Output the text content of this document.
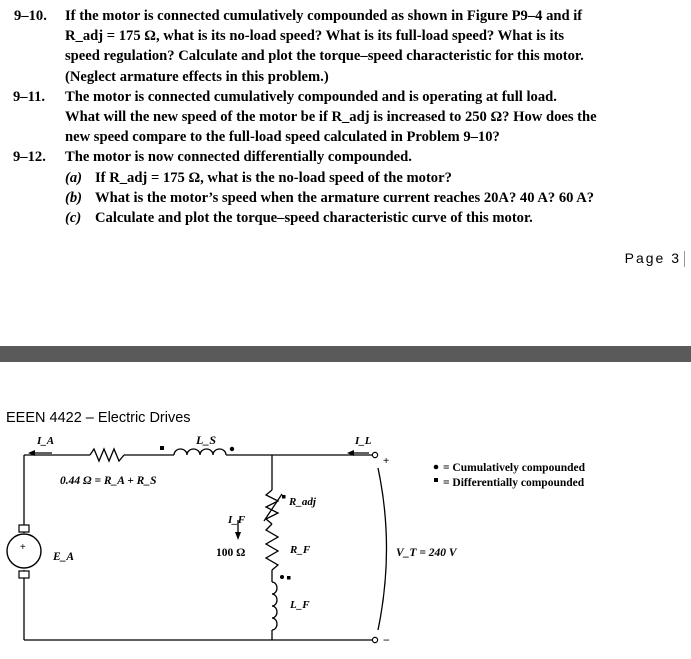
9–10.	If the motor is connected cumulatively compounded as shown in Figure P9–4 and if
R_adj = 175 Ω, what is its no-load speed? What is its full-load speed? What is its
speed regulation? Calculate and plot the torque–speed characteristic for this motor.
(Neglect armature effects in this problem.)
9–11.	The motor is connected cumulatively compounded and is operating at full load.
What will the new speed of the motor be if R_adj is increased to 250 Ω? How does the
new speed compare to the full-load speed calculated in Problem 9–10?
9–12.	The motor is now connected differentially compounded.
(a) If R_adj = 175 Ω, what is the no-load speed of the motor?
(b) What is the motor’s speed when the armature current reaches 20A? 40 A? 60 A?
(c) Calculate and plot the torque–speed characteristic curve of this motor.
Page 3
EEEN 4422 – Electric Drives
I_A	I_L
L_S
+
−
0.44 Ω = R_A + R_S
+
E_A
I_F
100 Ω
R_adj
R_F
L_F
V_T = 240 V
= Cumulatively compounded
= Differentially compounded
